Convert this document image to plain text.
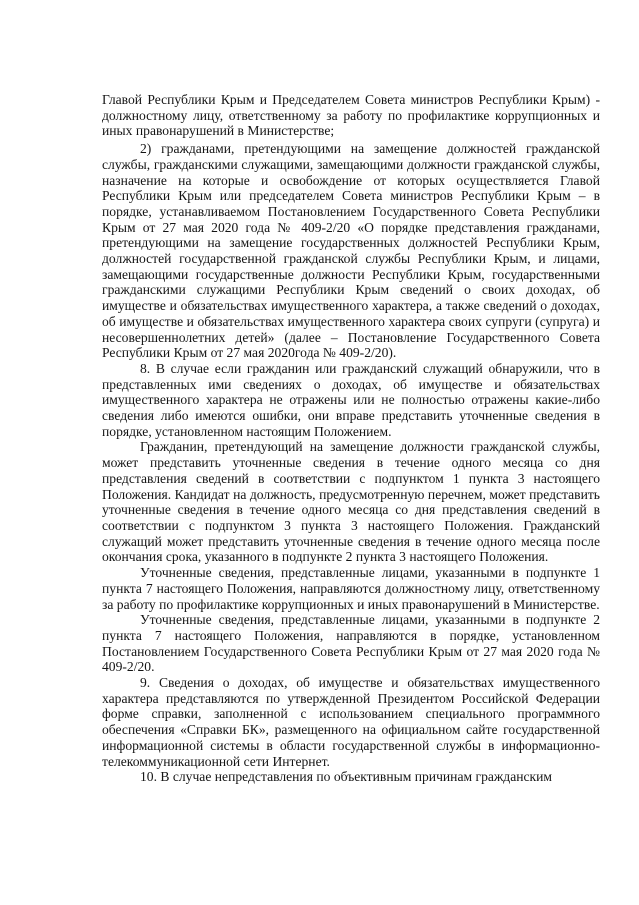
Главой Республики Крым и Председателем Совета министров Республики Крым) - должностному лицу, ответственному за работу по профилактике коррупционных и иных правонарушений в Министерстве;

2) гражданами, претендующими на замещение должностей гражданской службы, гражданскими служащими, замещающими должности гражданской службы, назначение на которые и освобождение от которых осуществляется Главой Республики Крым или председателем Совета министров Республики Крым – в порядке, устанавливаемом Постановлением Государственного Совета Республики Крым от 27 мая 2020 года № 409-2/20 «О порядке представления гражданами, претендующими на замещение государственных должностей Республики Крым, должностей государственной гражданской службы Республики Крым, и лицами, замещающими государственные должности Республики Крым, государственными гражданскими служащими Республики Крым сведений о своих доходах, об имуществе и обязательствах имущественного характера, а также сведений о доходах, об имуществе и обязательствах имущественного характера своих супруги (супруга) и несовершеннолетних детей» (далее – Постановление Государственного Совета Республики Крым от 27 мая 2020года № 409-2/20).

8. В случае если гражданин или гражданский служащий обнаружили, что в представленных ими сведениях о доходах, об имуществе и обязательствах имущественного характера не отражены или не полностью отражены какие-либо сведения либо имеются ошибки, они вправе представить уточненные сведения в порядке, установленном настоящим Положением.

Гражданин, претендующий на замещение должности гражданской службы, может представить уточненные сведения в течение одного месяца со дня представления сведений в соответствии с подпунктом 1 пункта 3 настоящего Положения. Кандидат на должность, предусмотренную перечнем, может представить уточненные сведения в течение одного месяца со дня представления сведений в соответствии с подпунктом 3 пункта 3 настоящего Положения. Гражданский служащий может представить уточненные сведения в течение одного месяца после окончания срока, указанного в подпункте 2 пункта 3 настоящего Положения.

Уточненные сведения, представленные лицами, указанными в подпункте 1 пункта 7 настоящего Положения, направляются должностному лицу, ответственному за работу по профилактике коррупционных и иных правонарушений в Министерстве.

Уточненные сведения, представленные лицами, указанными в подпункте 2 пункта 7 настоящего Положения, направляются в порядке, установленном Постановлением Государственного Совета Республики Крым от 27 мая 2020 года № 409-2/20.

9. Сведения о доходах, об имуществе и обязательствах имущественного характера представляются по утвержденной Президентом Российской Федерации форме справки, заполненной с использованием специального программного обеспечения «Справки БК», размещенного на официальном сайте государственной информационной системы в области государственной службы в информационно-телекоммуникационной сети Интернет.

10. В случае непредставления по объективным причинам гражданским
